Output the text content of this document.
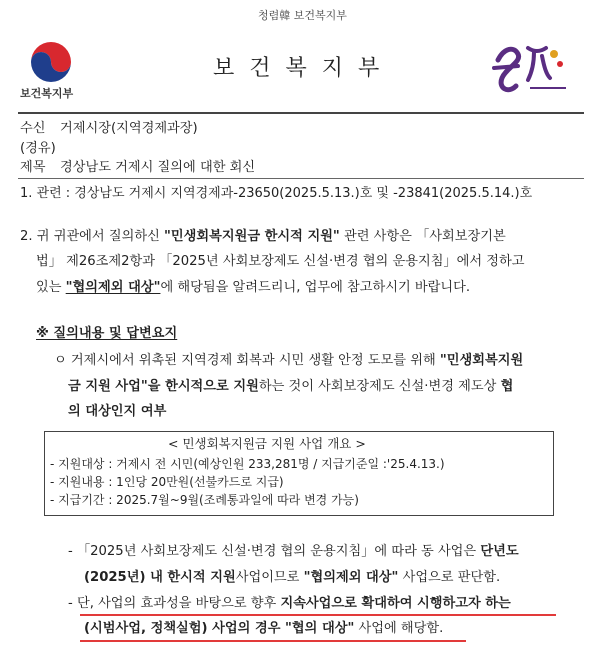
청렴韓 보건복지부
보건복지부
보 건 복 지 부
수신 거제시장(지역경제과장)
(경유)
제목 경상남도 거제시 질의에 대한 회신
1. 관련 : 경상남도 거제시 지역경제과-23650(2025.5.13.)호 및 -23841(2025.5.14.)호
2. 귀 귀관에서 질의하신 "민생회복지원금 한시적 지원" 관련 사항은 「사회보장기본
법」 제26조제2항과 「2025년 사회보장제도 신설·변경 협의 운용지침」에서 정하고
있는 "협의제외 대상"에 해당됨을 알려드리니, 업무에 참고하시기 바랍니다.
※ 질의내용 및 답변요지
ㅇ 거제시에서 위촉된 지역경제 회복과 시민 생활 안정 도모를 위해 "민생회복지원
금 지원 사업"을 한시적으로 지원하는 것이 사회보장제도 신설·변경 제도상 협
의 대상인지 여부
< 민생회복지원금 지원 사업 개요 >
- 지원대상 : 거제시 전 시민(예상인원 233,281명 / 지급기준일 :'25.4.13.)
- 지원내용 : 1인당 20만원(선불카드로 지급)
- 지급기간 : 2025.7월~9월(조례통과일에 따라 변경 가능)
- 「2025년 사회보장제도 신설·변경 협의 운용지침」에 따라 동 사업은 단년도
(2025년) 내 한시적 지원사업이므로 "협의제외 대상" 사업으로 판단함.
- 단, 사업의 효과성을 바탕으로 향후 지속사업으로 확대하여 시행하고자 하는
(시범사업, 정책실험) 사업의 경우 "협의 대상" 사업에 해당함.
